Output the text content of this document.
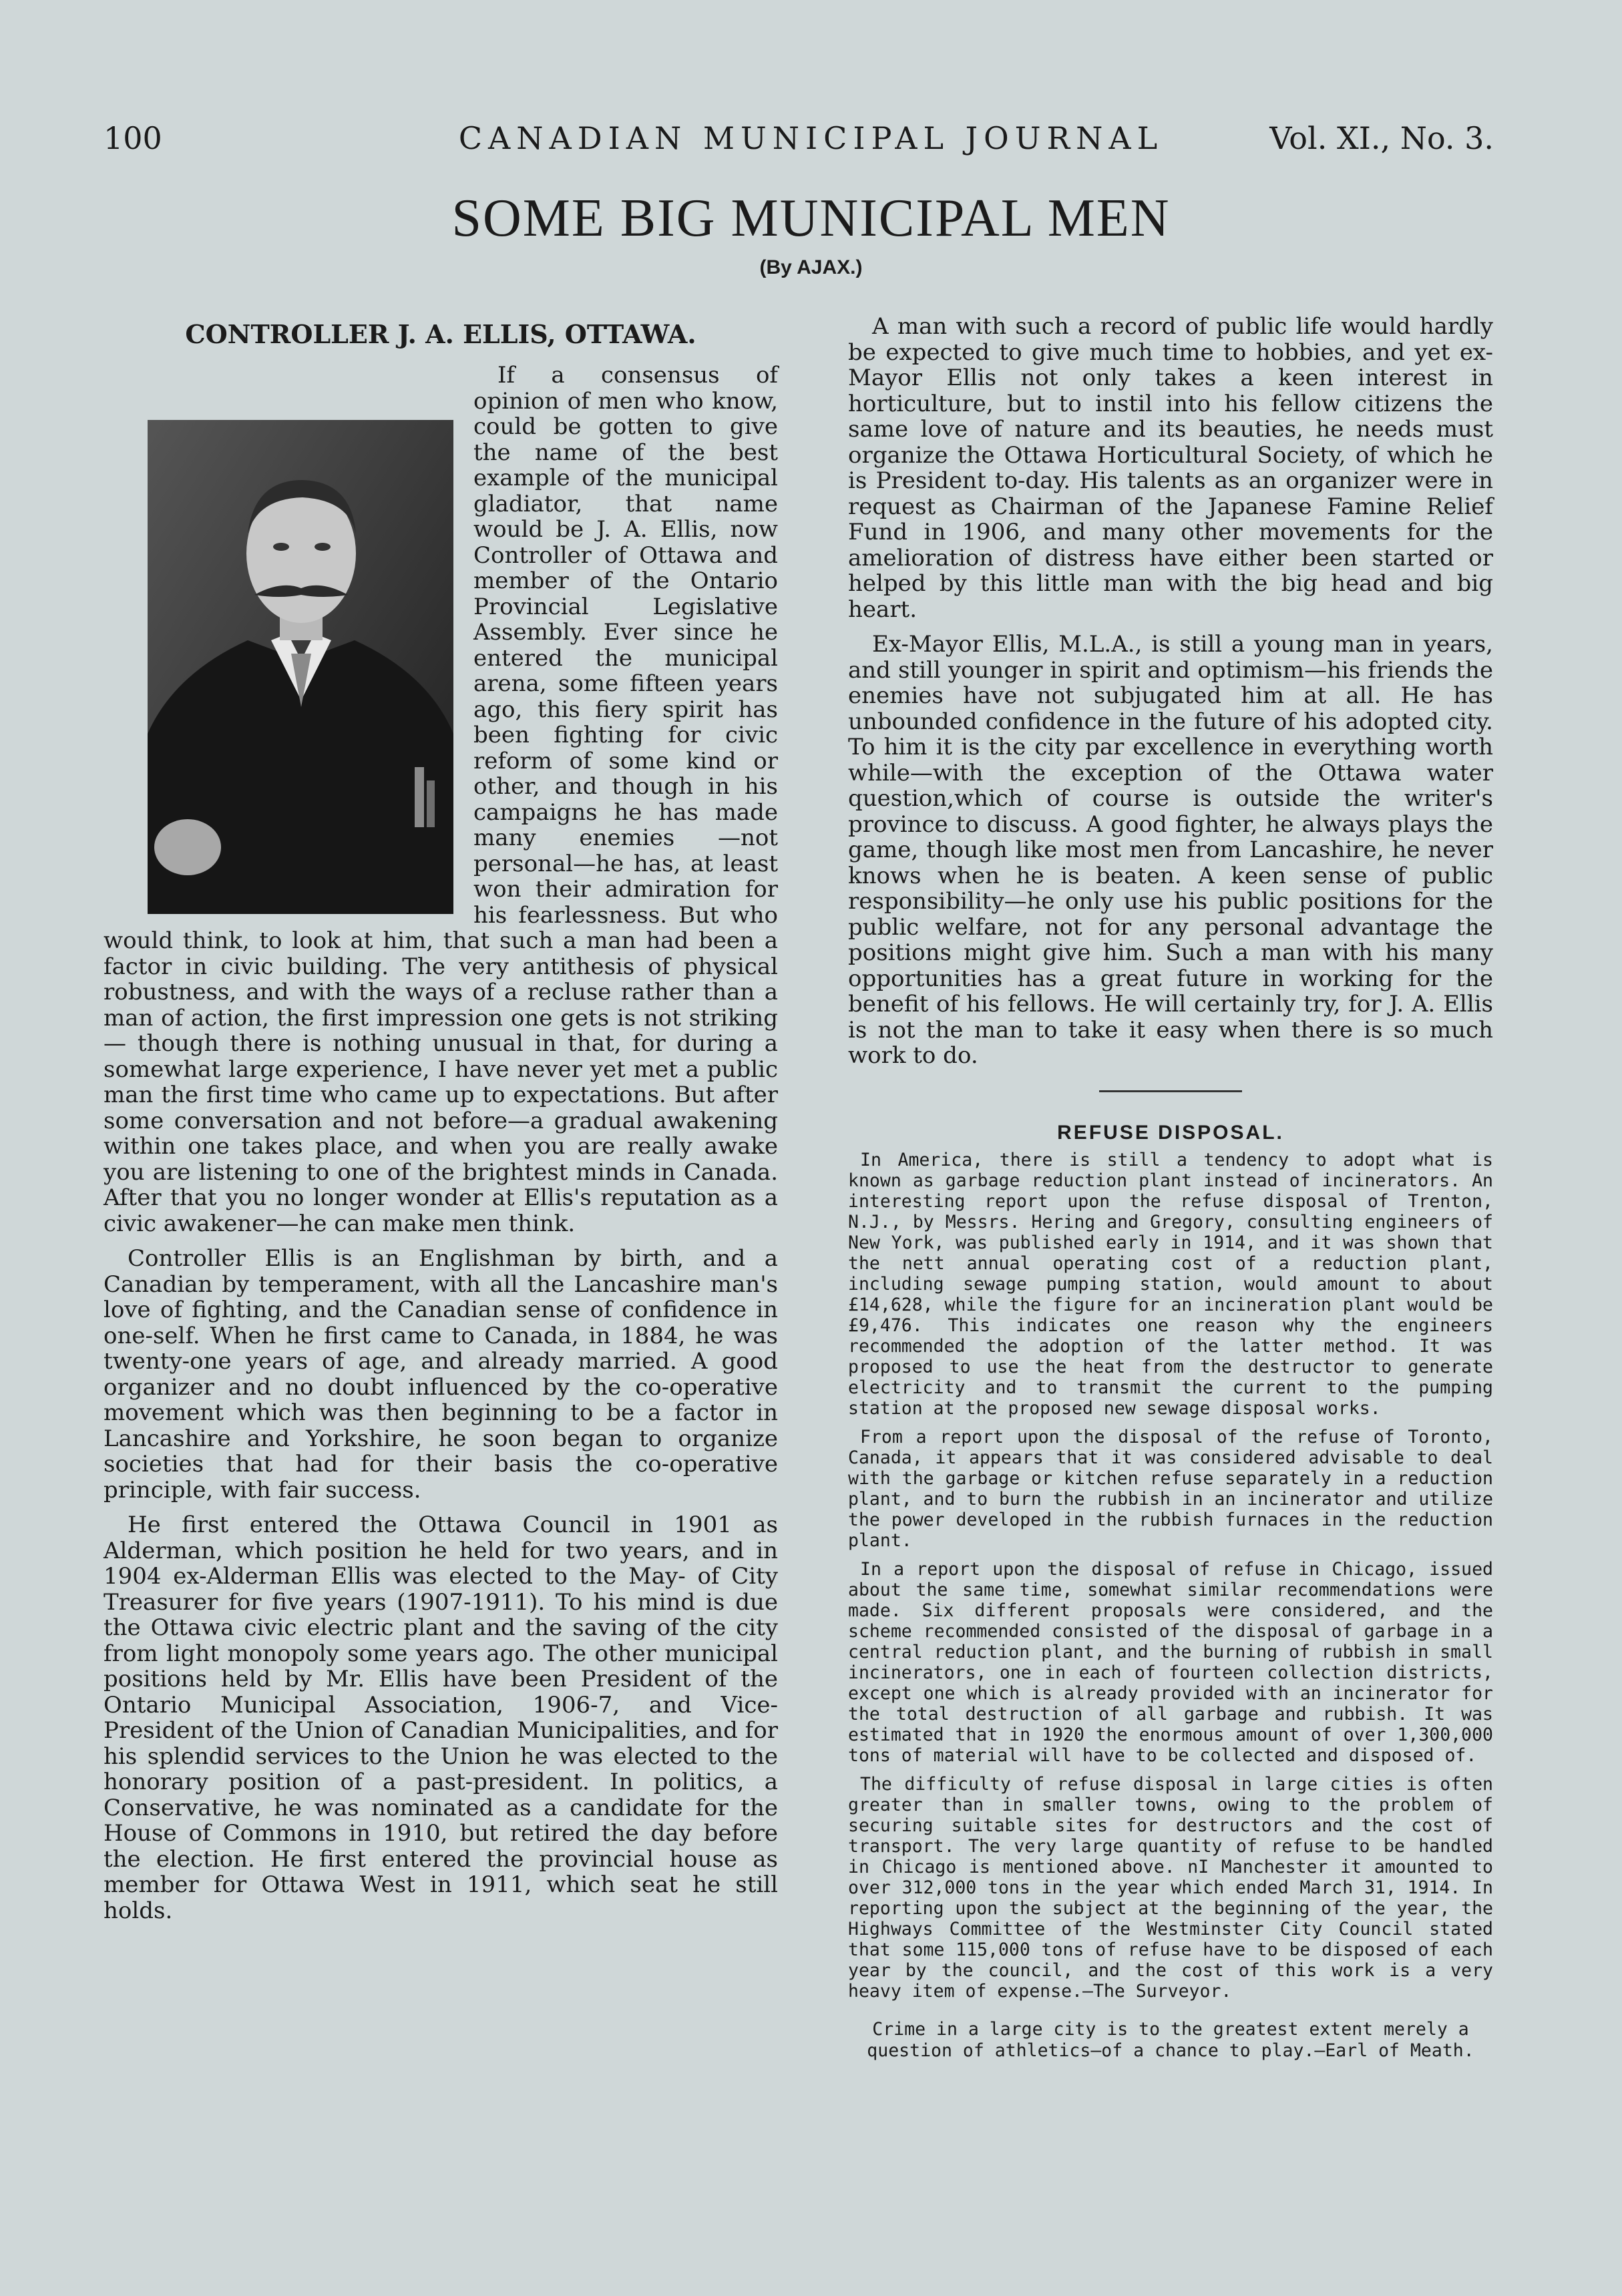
100	CANADIAN MUNICIPAL JOURNAL	Vol. XI., No. 3.
SOME BIG MUNICIPAL MEN
(By AJAX.)
CONTROLLER J. A. ELLIS, OTTAWA.

If a consensus of opinion of men who know, could be gotten to give the name of the best example of the municipal gladiator, that name would be J. A. Ellis, now Controller of Ottawa and member of the Ontario Provincial Legislative Assembly. Ever since he entered the municipal arena, some fifteen years ago, this fiery spirit has been fighting for civic reform of some kind or other, and though in his campaigns he has made many enemies —not personal—he has, at least won their admiration for his fearlessness. But who would think, to look at him, that such a man had been a factor in civic building. The very antithesis of physical robustness, and with the ways of a recluse rather than a man of action, the first impression one gets is not striking — though there is nothing unusual in that, for during a somewhat large experience, I have never yet met a public man the first time who came up to expectations. But after some conversation and not before—a gradual awakening within one takes place, and when you are really awake you are listening to one of the brightest minds in Canada. After that you no longer wonder at Ellis's reputation as a civic awakener—he can make men think.

Controller Ellis is an Englishman by birth, and a Canadian by temperament, with all the Lancashire man's love of fighting, and the Canadian sense of confidence in one-self. When he first came to Canada, in 1884, he was twenty-one years of age, and already married. A good organizer and no doubt influenced by the co-operative movement which was then beginning to be a factor in Lancashire and Yorkshire, he soon began to organize societies that had for their basis the co-operative principle, with fair success.

He first entered the Ottawa Council in 1901 as Alderman, which position he held for two years, and in 1904 ex-Alderman Ellis was elected to the May- of City Treasurer for five years (1907-1911). To his mind is due the Ottawa civic electric plant and the saving of the city from light monopoly some years ago. The other municipal positions held by Mr. Ellis have been President of the Ontario Municipal Association, 1906-7, and Vice-President of the Union of Canadian Municipalities, and for his splendid services to the Union he was elected to the honorary position of a past-president. In politics, a Conservative, he was nominated as a candidate for the House of Commons in 1910, but retired the day before the election. He first entered the provincial house as member for Ottawa West in 1911, which seat he still holds.

A man with such a record of public life would hardly be expected to give much time to hobbies, and yet ex-Mayor Ellis not only takes a keen interest in horticulture, but to instil into his fellow citizens the same love of nature and its beauties, he needs must organize the Ottawa Horticultural Society, of which he is President to-day. His talents as an organizer were in request as Chairman of the Japanese Famine Relief Fund in 1906, and many other movements for the amelioration of distress have either been started or helped by this little man with the big head and big heart.

Ex-Mayor Ellis, M.L.A., is still a young man in years, and still younger in spirit and optimism—his friends the enemies have not subjugated him at all. He has unbounded confidence in the future of his adopted city. To him it is the city par excellence in everything worth while—with the exception of the Ottawa water question,which of course is outside the writer's province to discuss. A good fighter, he always plays the game, though like most men from Lancashire, he never knows when he is beaten. A keen sense of public responsibility—he only use his public positions for the public welfare, not for any personal advantage the positions might give him. Such a man with his many opportunities has a great future in working for the benefit of his fellows. He will certainly try, for J. A. Ellis is not the man to take it easy when there is so much work to do.

REFUSE DISPOSAL.

In America, there is still a tendency to adopt what is known as garbage reduction plant instead of incinerators. An interesting report upon the refuse disposal of Trenton, N.J., by Messrs. Hering and Gregory, consulting engineers of New York, was published early in 1914, and it was shown that the nett annual operating cost of a reduction plant, including sewage pumping station, would amount to about £14,628, while the figure for an incineration plant would be £9,476. This indicates one reason why the engineers recommended the adoption of the latter method. It was proposed to use the heat from the destructor to generate electricity and to transmit the current to the pumping station at the proposed new sewage disposal works.

From a report upon the disposal of the refuse of Toronto, Canada, it appears that it was considered advisable to deal with the garbage or kitchen refuse separately in a reduction plant, and to burn the rubbish in an incinerator and utilize the power developed in the rubbish furnaces in the reduction plant.

In a report upon the disposal of refuse in Chicago, issued about the same time, somewhat similar recommendations were made. Six different proposals were considered, and the scheme recommended consisted of the disposal of garbage in a central reduction plant, and the burning of rubbish in small incinerators, one in each of fourteen collection districts, except one which is already provided with an incinerator for the total destruction of all garbage and rubbish. It was estimated that in 1920 the enormous amount of over 1,300,000 tons of material will have to be collected and disposed of.

The difficulty of refuse disposal in large cities is often greater than in smaller towns, owing to the problem of securing suitable sites for destructors and the cost of transport. The very large quantity of refuse to be handled in Chicago is mentioned above. nI Manchester it amounted to over 312,000 tons in the year which ended March 31, 1914. In reporting upon the subject at the beginning of the year, the Highways Committee of the Westminster City Council stated that some 115,000 tons of refuse have to be disposed of each year by the council, and the cost of this work is a very heavy item of expense.—The Surveyor.

Crime in a large city is to the greatest extent merely a question of athletics—of a chance to play.—Earl of Meath.
